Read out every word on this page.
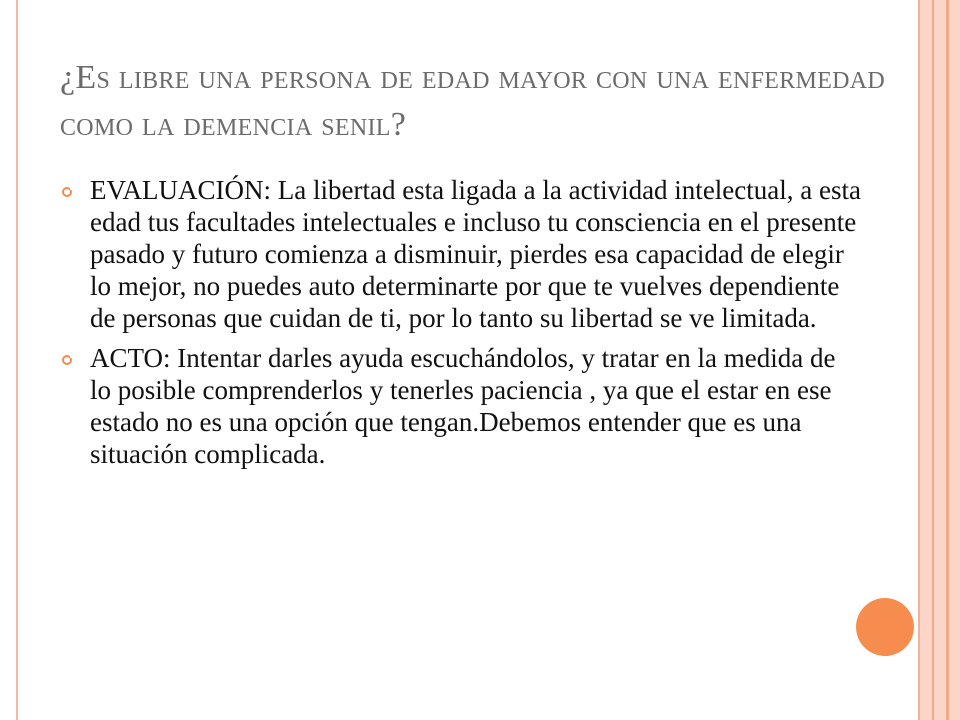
¿Es libre una persona de edad mayor con una enfermedad como la demencia senil?

EVALUACIÓN: La libertad esta ligada a la actividad intelectual, a esta edad tus facultades intelectuales e incluso tu consciencia en el presente pasado y futuro comienza a disminuir, pierdes esa capacidad de elegir lo mejor, no puedes auto determinarte por que te vuelves dependiente de personas que cuidan de ti, por lo tanto su libertad se ve limitada.

ACTO: Intentar darles ayuda escuchándolos, y tratar en la medida de lo posible comprenderlos y tenerles paciencia , ya que el estar en ese estado no es una opción que tengan.Debemos entender que es una situación complicada.
